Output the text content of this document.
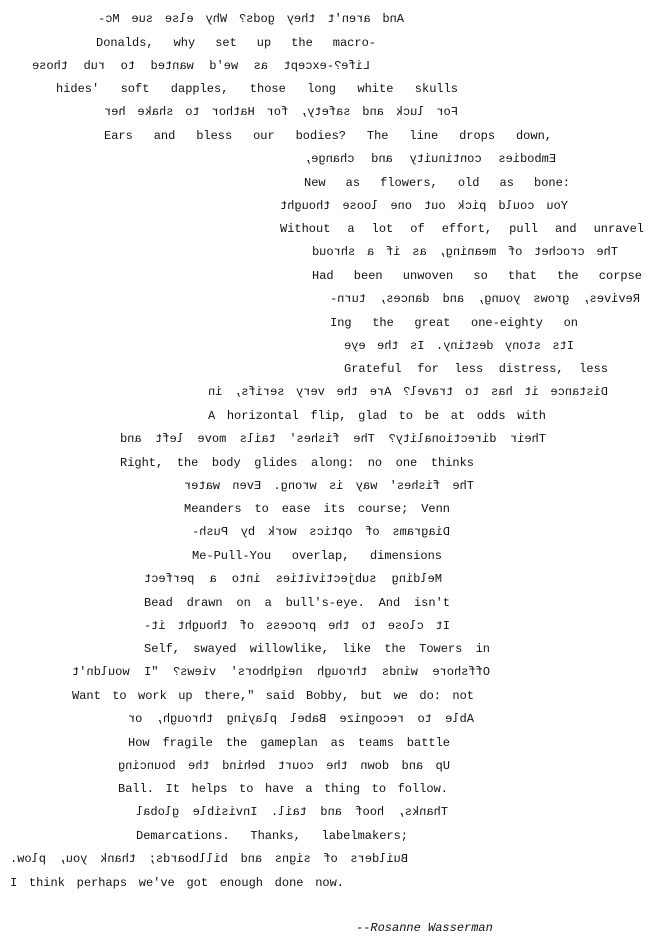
And aren't they gods? Why else sue Mc-
Donalds, why set up the macro-
Life?-except as we'd wanted to rub those
hides' soft dapples, those long white skulls
For luck and safety, for Hathor to shake her
Ears and bless our bodies? The line drops down,
Embodies continuity and change,
New as flowers, old as bone:
You could pick out one loose thought
Without a lot of effort, pull and unravel
The crochet of meaning, as if a shroud
Had been unwoven so that the corpse
Revives, grows young, and dances, turn-
Ing the great one-eighty on
Its stony destiny. Is the eye
Grateful for less distress, less
Distance it has to travel? Are the very serifs, in
A horizontal flip, glad to be at odds with
Their directionality? The fishes' tails move left and
Right, the body glides along: no one thinks
The fishes' way is wrong. Even water
Meanders to ease its course; Venn
Diagrams of optics work by Push-
Me-Pull-You overlap, dimensions
Melding subjectivities into a perfect
Bead drawn on a bull's-eye. And isn't
It close to the process of thought it-
Self, swayed willowlike, like the Towers in
Offshore winds through neighbors' views? "I wouldn't
Want to work up there," said Bobby, but we do: not
Able to recognize Babel playing through, or
How fragile the gameplan as teams battle
Up and down the court behind the bouncing
Ball. It helps to have a thing to follow.
Thanks, hoof and tail. Invisible global
Demarcations. Thanks, labelmakers;
Builders of signs and billboards; thank you, plow.
I think perhaps we've got enough done now.
--Rosanne Wasserman
